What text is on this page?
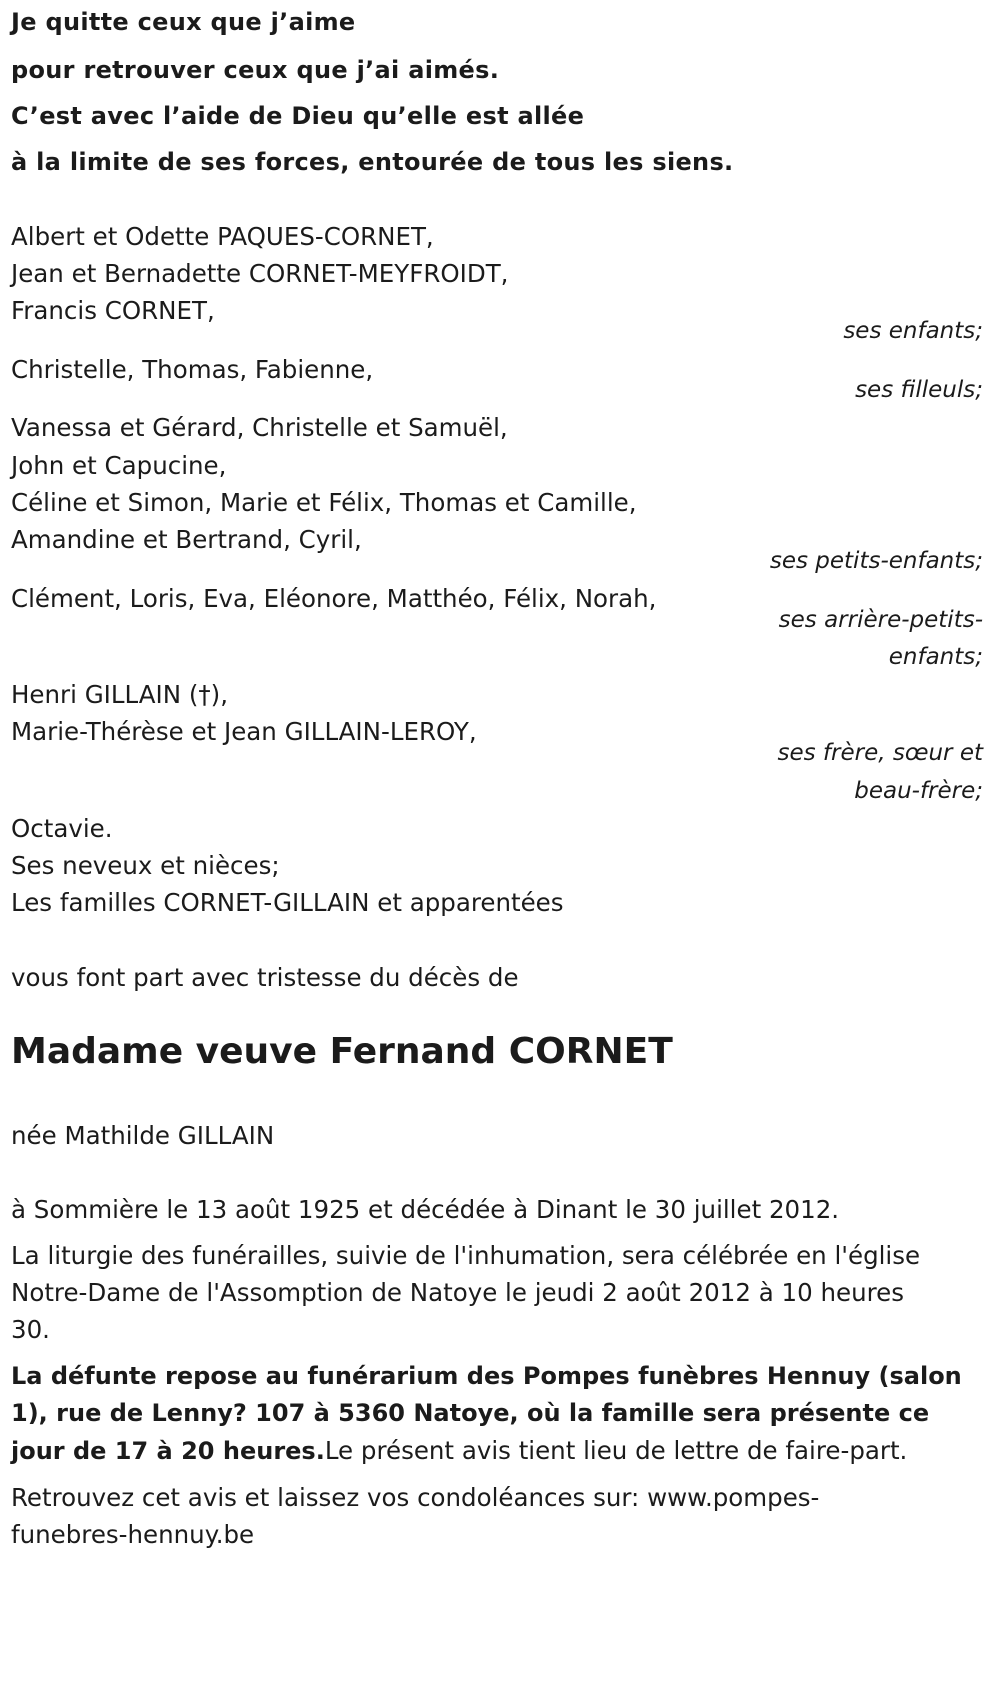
Je quitte ceux que j’aime

pour retrouver ceux que j’ai aimés.

C’est avec l’aide de Dieu qu’elle est allée

à la limite de ses forces, entourée de tous les siens.

Albert et Odette PAQUES-CORNET,

Jean et Bernadette CORNET-MEYFROIDT,

Francis CORNET,

ses enfants;

Christelle, Thomas, Fabienne,

ses filleuls;

Vanessa et Gérard, Christelle et Samuël,

John et Capucine,

Céline et Simon, Marie et Félix, Thomas et Camille,

Amandine et Bertrand, Cyril,

ses petits-enfants;

Clément, Loris, Eva, Eléonore, Matthéo, Félix, Norah,

ses arrière-petits-

enfants;

Henri GILLAIN (†),

Marie-Thérèse et Jean GILLAIN-LEROY,

ses frère, sœur et

beau-frère;

Octavie.

Ses neveux et nièces;

Les familles CORNET-GILLAIN et apparentées

vous font part avec tristesse du décès de

Madame veuve Fernand CORNET

née Mathilde GILLAIN

à Sommière le 13 août 1925 et décédée à Dinant le 30 juillet 2012.

La liturgie des funérailles, suivie de l'inhumation, sera célébrée en l'église

Notre-Dame de l'Assomption de Natoye le jeudi 2 août 2012 à 10 heures

30.

La défunte repose au funérarium des Pompes funèbres Hennuy (salon

1), rue de Lenny? 107 à 5360 Natoye, où la famille sera présente ce

jour de 17 à 20 heures.Le présent avis tient lieu de lettre de faire-part.

Retrouvez cet avis et laissez vos condoléances sur: www.pompes-

funebres-hennuy.be
